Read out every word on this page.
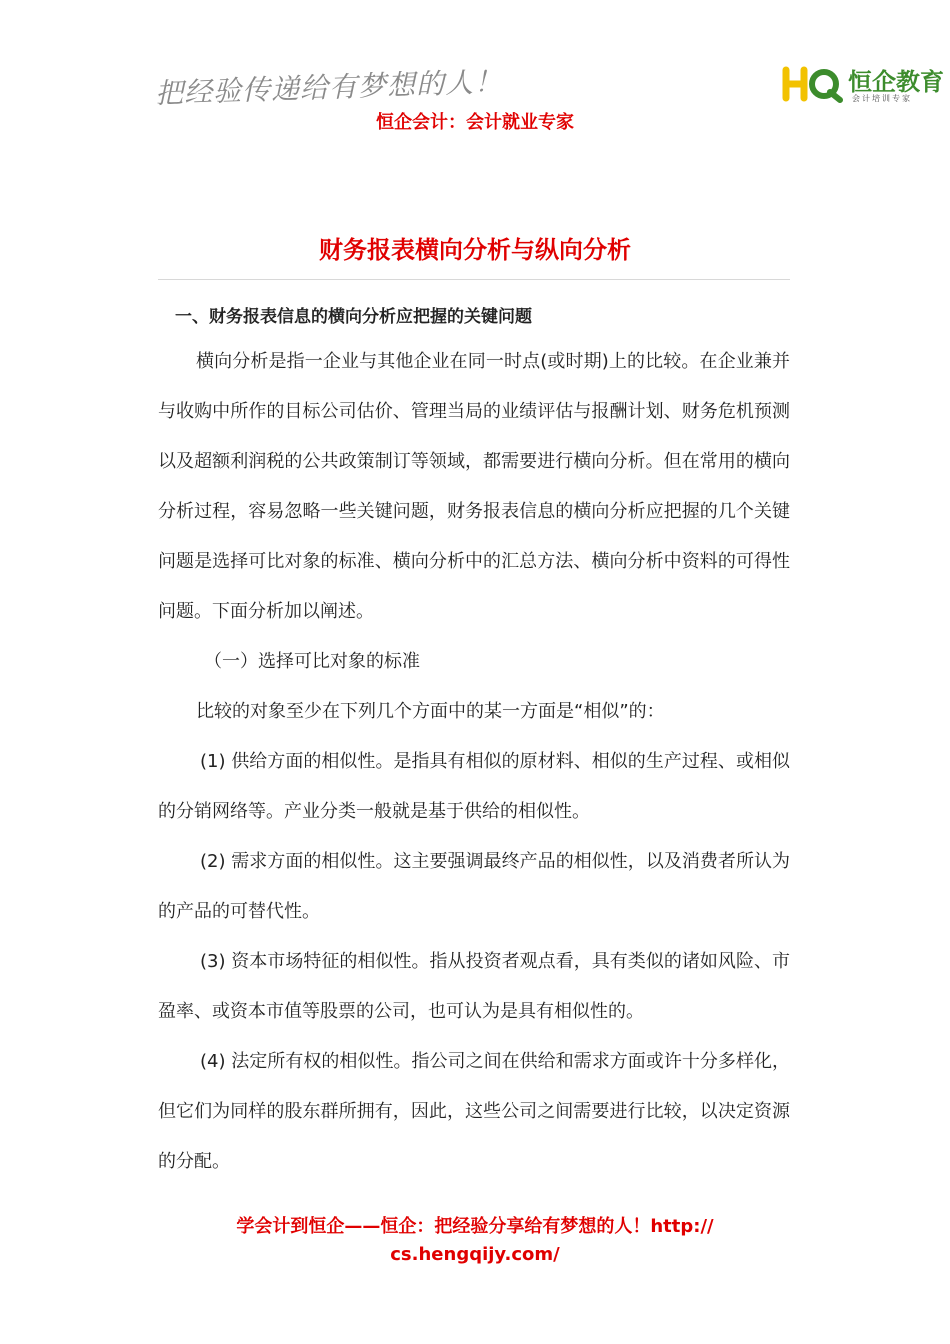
把经验传递给有梦想的人！	恒企教育
会计培训专家
恒企会计：会计就业专家
财务报表横向分析与纵向分析
一、财务报表信息的横向分析应把握的关键问题

横向分析是指一企业与其他企业在同一时点(或时期)上的比较。在企业兼并与收购中所作的目标公司估价、管理当局的业绩评估与报酬计划、财务危机预测以及超额利润税的公共政策制订等领域，都需要进行横向分析。但在常用的横向分析过程，容易忽略一些关键问题，财务报表信息的横向分析应把握的几个关键问题是选择可比对象的标准、横向分析中的汇总方法、横向分析中资料的可得性问题。下面分析加以阐述。

（一）选择可比对象的标准

比较的对象至少在下列几个方面中的某一方面是“相似”的：

(1) 供给方面的相似性。是指具有相似的原材料、相似的生产过程、或相似的分销网络等。产业分类一般就是基于供给的相似性。

(2) 需求方面的相似性。这主要强调最终产品的相似性，以及消费者所认为的产品的可替代性。

(3) 资本市场特征的相似性。指从投资者观点看，具有类似的诸如风险、市盈率、或资本市值等股票的公司，也可认为是具有相似性的。

(4) 法定所有权的相似性。指公司之间在供给和需求方面或许十分多样化，但它们为同样的股东群所拥有，因此，这些公司之间需要进行比较，以决定资源的分配。

学会计到恒企——恒企：把经验分享给有梦想的人！http://
cs.hengqijy.com/
